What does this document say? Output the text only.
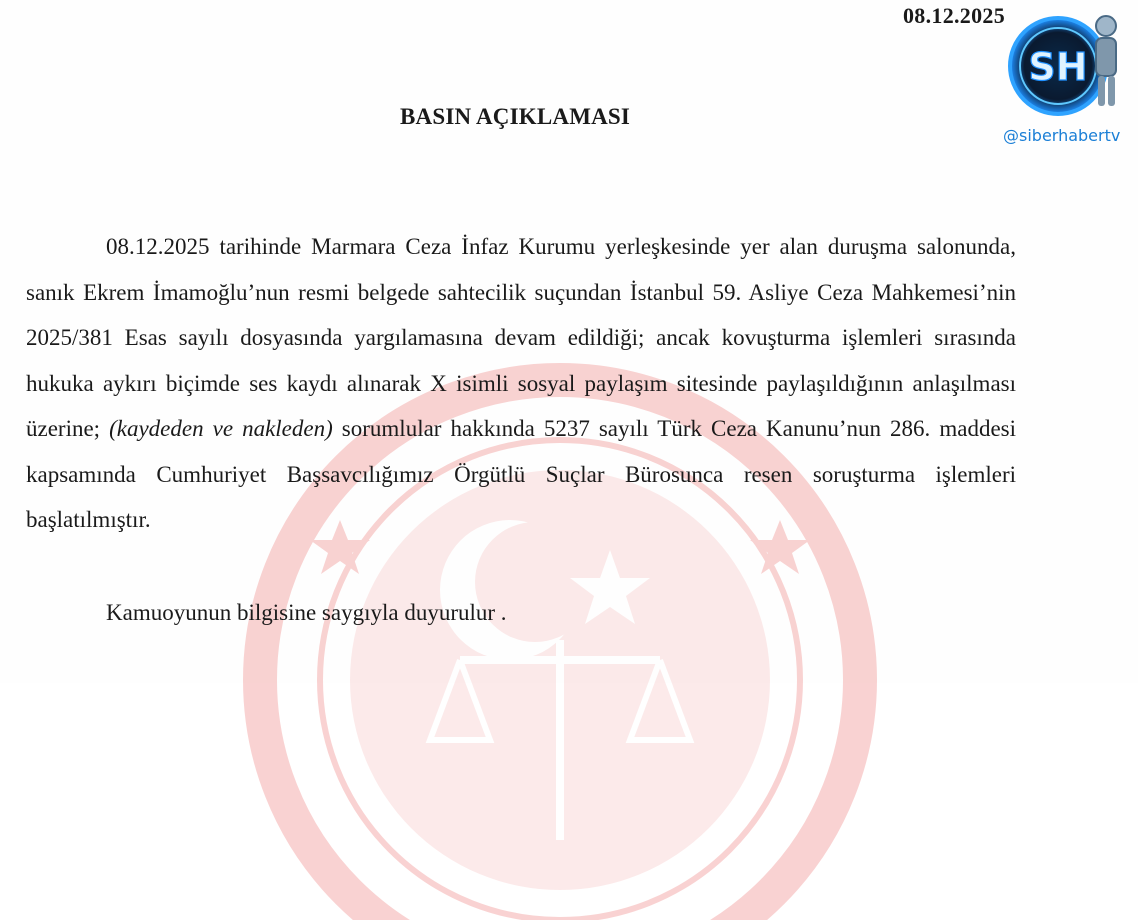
08.12.2025
BASIN AÇIKLAMASI

08.12.2025 tarihinde Marmara Ceza İnfaz Kurumu yerleşkesinde yer alan duruşma salonunda, sanık Ekrem İmamoğlu’nun resmi belgede sahtecilik suçundan İstanbul 59. Asliye Ceza Mahkemesi’nin 2025/381 Esas sayılı dosyasında yargılamasına devam edildiği; ancak kovuşturma işlemleri sırasında hukuka aykırı biçimde ses kaydı alınarak X isimli sosyal paylaşım sitesinde paylaşıldığının anlaşılması üzerine; (kaydeden ve nakleden) sorumlular hakkında 5237 sayılı Türk Ceza Kanunu’nun 286. maddesi kapsamında Cumhuriyet Başsavcılığımız Örgütlü Suçlar Bürosunca resen soruşturma işlemleri başlatılmıştır.

Kamuoyunun bilgisine saygıyla duyurulur .
SH
@siberhabertv
